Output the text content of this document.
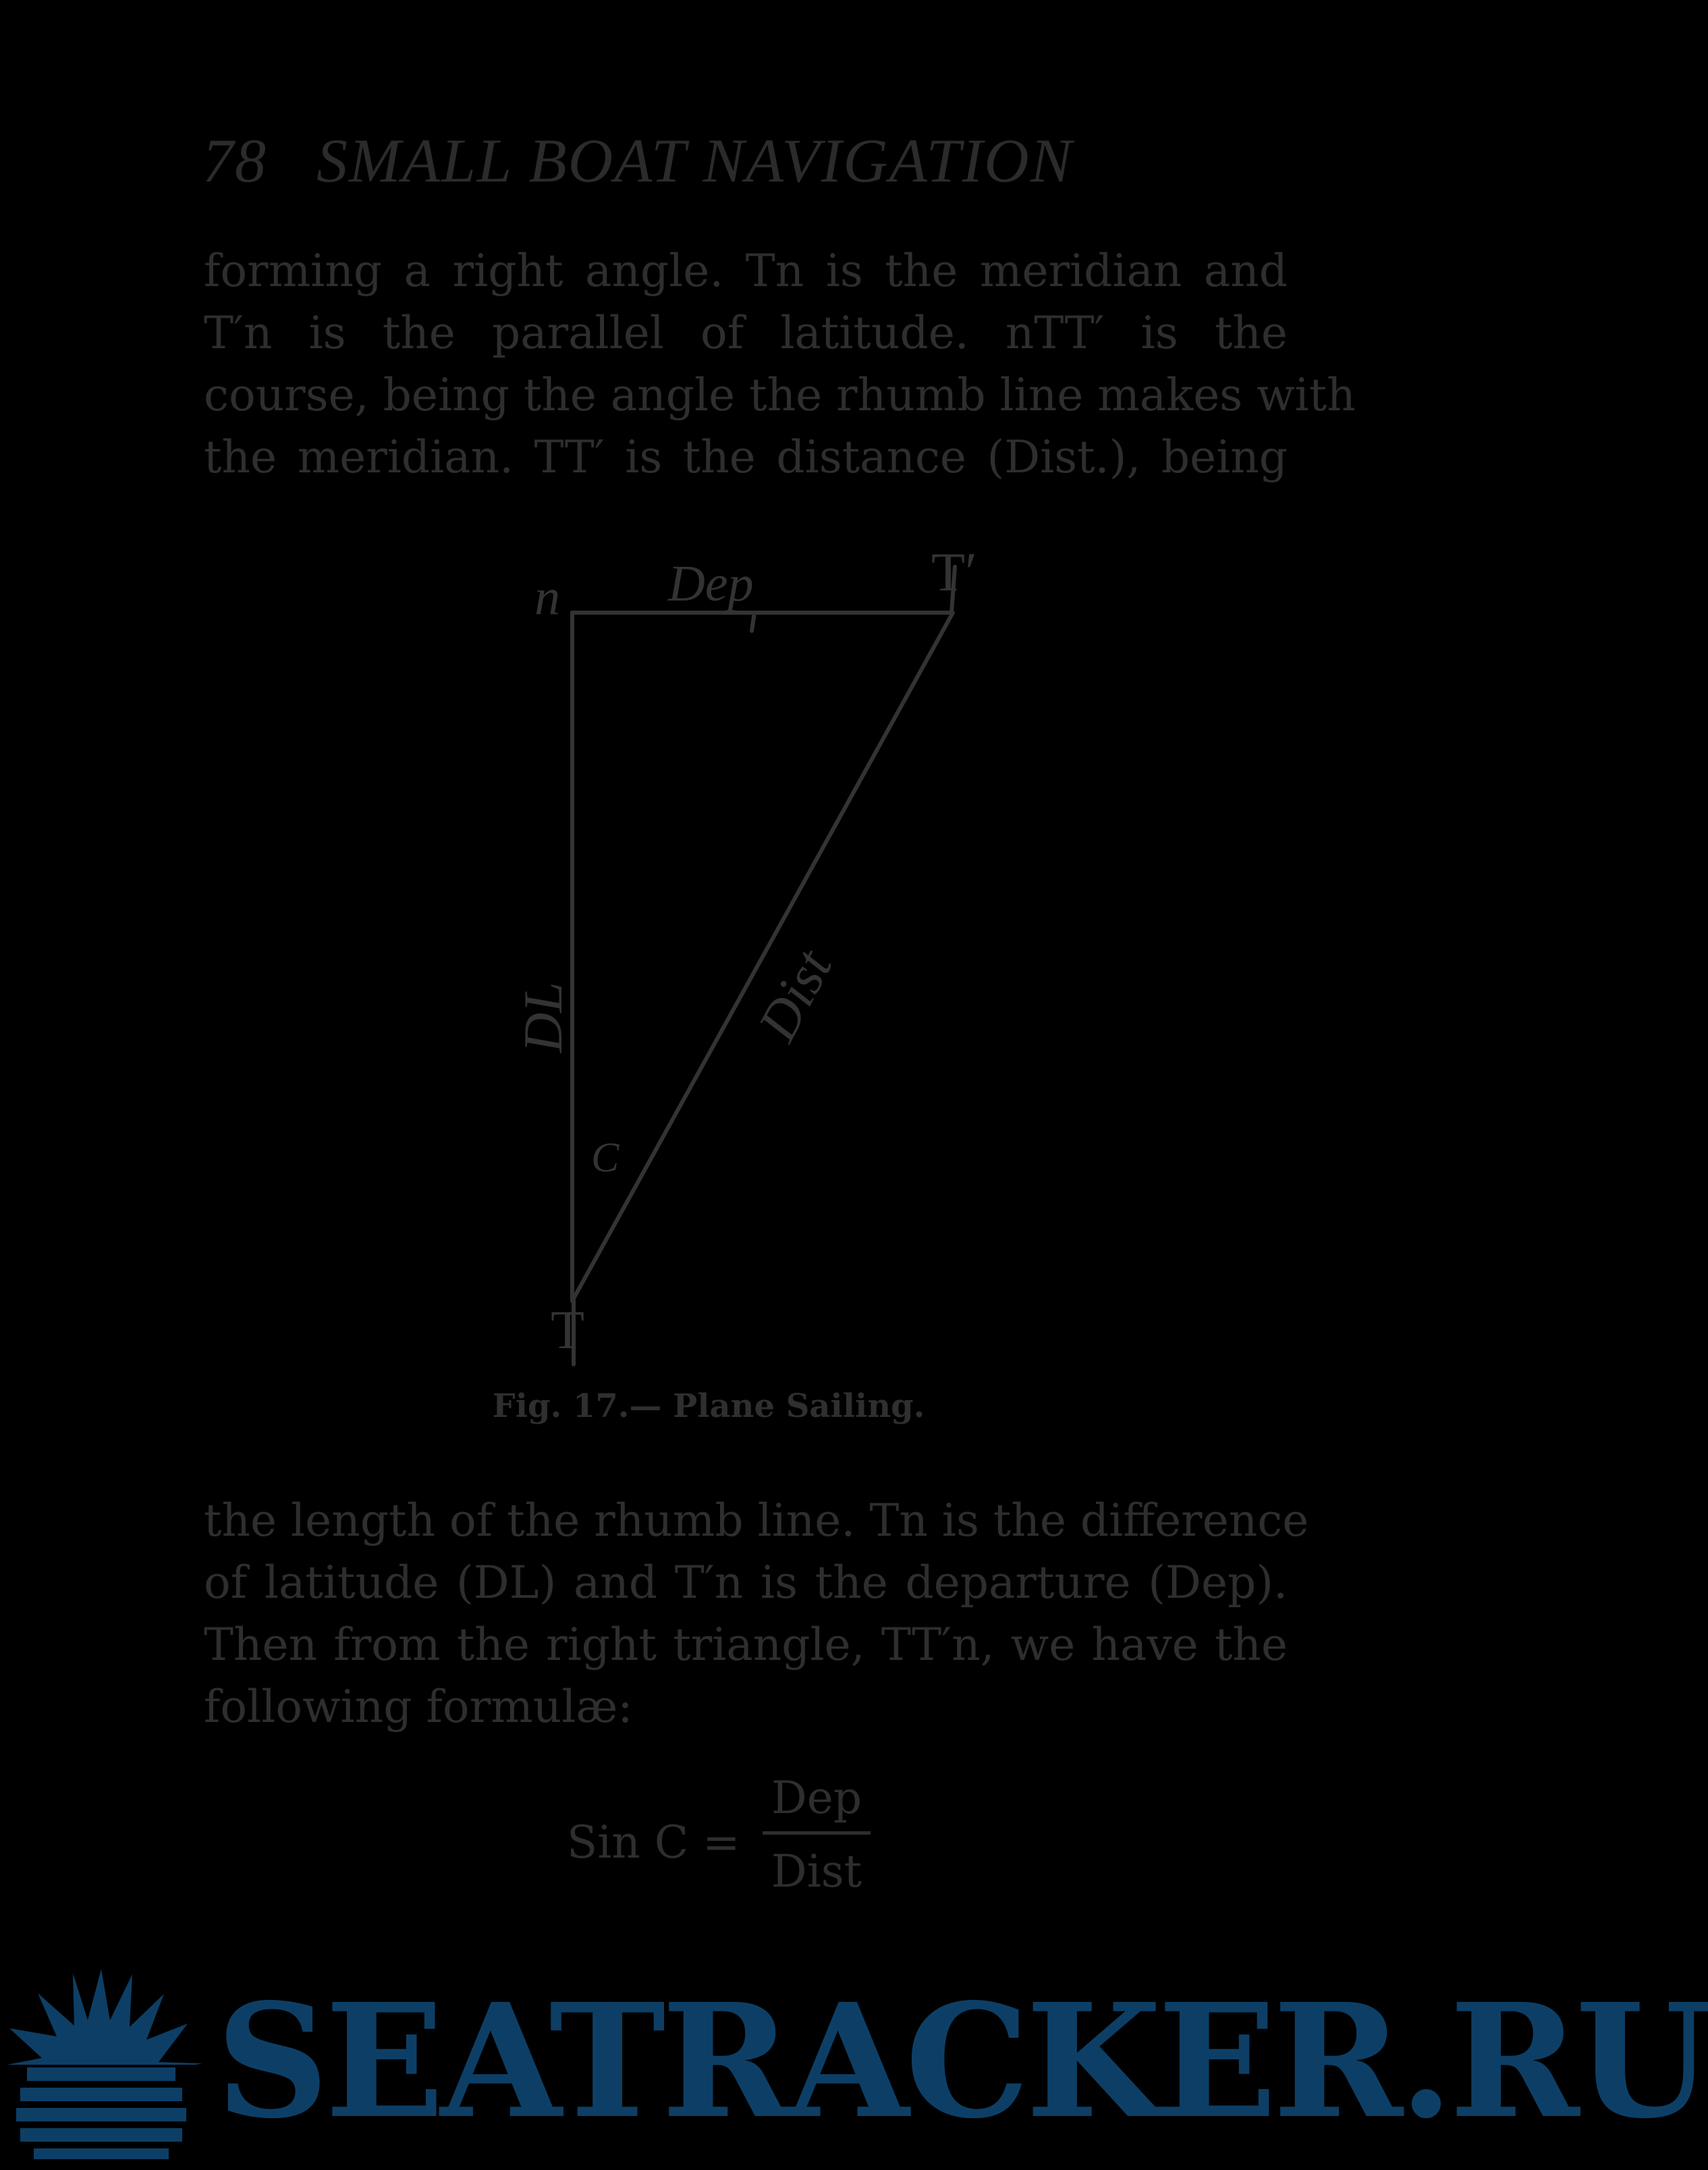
78 SMALL BOAT NAVIGATION
forming a right angle. Tn is the meridian and
T′n is the parallel of latitude. nTT′ is the
course, being the angle the rhumb line makes with
the meridian. TT′ is the distance (Dist.), being
n Dep	T′
DL	Dist
C
T
Fig. 17.— Plane Sailing.
the length of the rhumb line. Tn is the difference
of latitude (DL) and T′n is the departure (Dep).
Then from the right triangle, TT′n, we have the
following formulæ:
Sin C =
Dep
Dist
SEATRACKER.RU
